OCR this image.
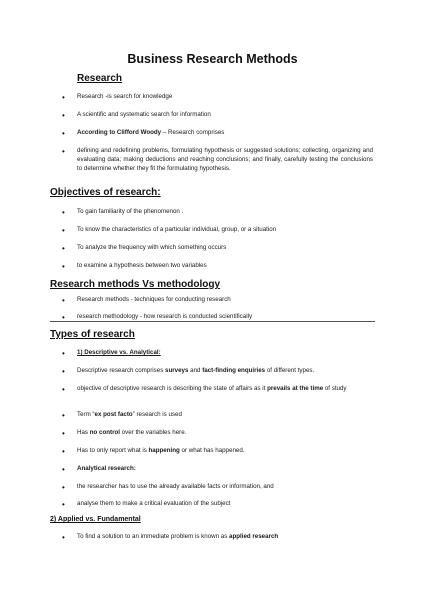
Business Research Methods
Research
• Research -is search for knowledge
• A scientific and systematic search for information
• According to Clifford Woody – Research comprises
• defining and redefining problems, formulating hypothesis or suggested solutions; collecting, organizing and evaluating data; making deductions and reaching conclusions; and finally, carefully testing the conclusions to determine whether they fit the formulating hypothesis.
Objectives of research:
• To gain familiarity of the phenomenon .
• To know the characteristics of a particular individual, group, or a situation
• To analyze the frequency with which something occurs
• to examine a hypothesis between two variables
Research methods Vs methodology
• Research methods - techniques for conducting research
• research methodology - how research is conducted scientifically
Types of research
• 1) Descriptive vs. Analytical:
• Descriptive research comprises surveys and fact-finding enquiries of different types.
• objective of descriptive research is describing the state of affairs as it prevails at the time of study
• Term “ex post facto” research is used
• Has no control over the variables here.
• Has to only report what is happening or what has happened.
• Analytical research:
• the researcher has to use the already available facts or information, and
• analyse them to make a critical evaluation of the subject
2) Applied vs. Fundamental
• To find a solution to an immediate problem is known as applied research
